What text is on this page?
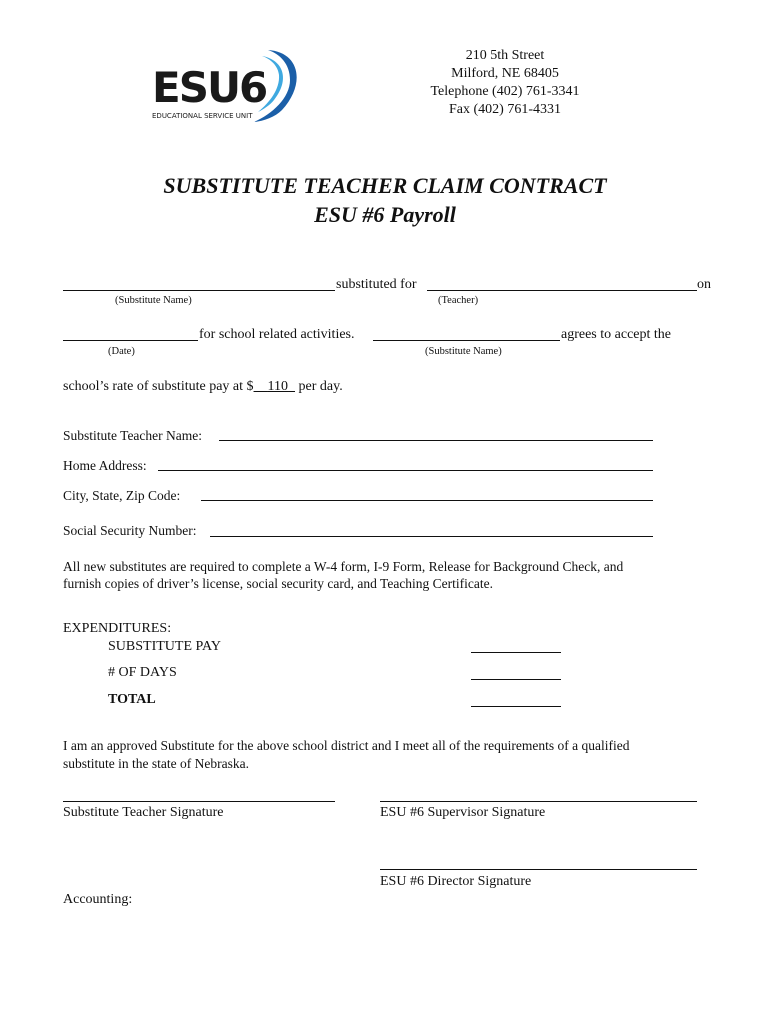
ESU6
EDUCATIONAL SERVICE UNIT
210 5th Street
Milford, NE 68405
Telephone (402) 761-3341
Fax (402) 761-4331
SUBSTITUTE TEACHER CLAIM CONTRACT
ESU #6 Payroll
substituted for	on
(Substitute Name)	(Teacher)
for school related activities.	agrees to accept the
(Date)	(Substitute Name)
school’s rate of substitute pay at $ 110 per day.
Substitute Teacher Name:
Home Address:
City, State, Zip Code:
Social Security Number:
All new substitutes are required to complete a W-4 form, I-9 Form, Release for Background Check, and
furnish copies of driver’s license, social security card, and Teaching Certificate.
EXPENDITURES:
SUBSTITUTE PAY
# OF DAYS
TOTAL
I am an approved Substitute for the above school district and I meet all of the requirements of a qualified
substitute in the state of Nebraska.
Substitute Teacher Signature	ESU #6 Supervisor Signature
ESU #6 Director Signature
Accounting:
